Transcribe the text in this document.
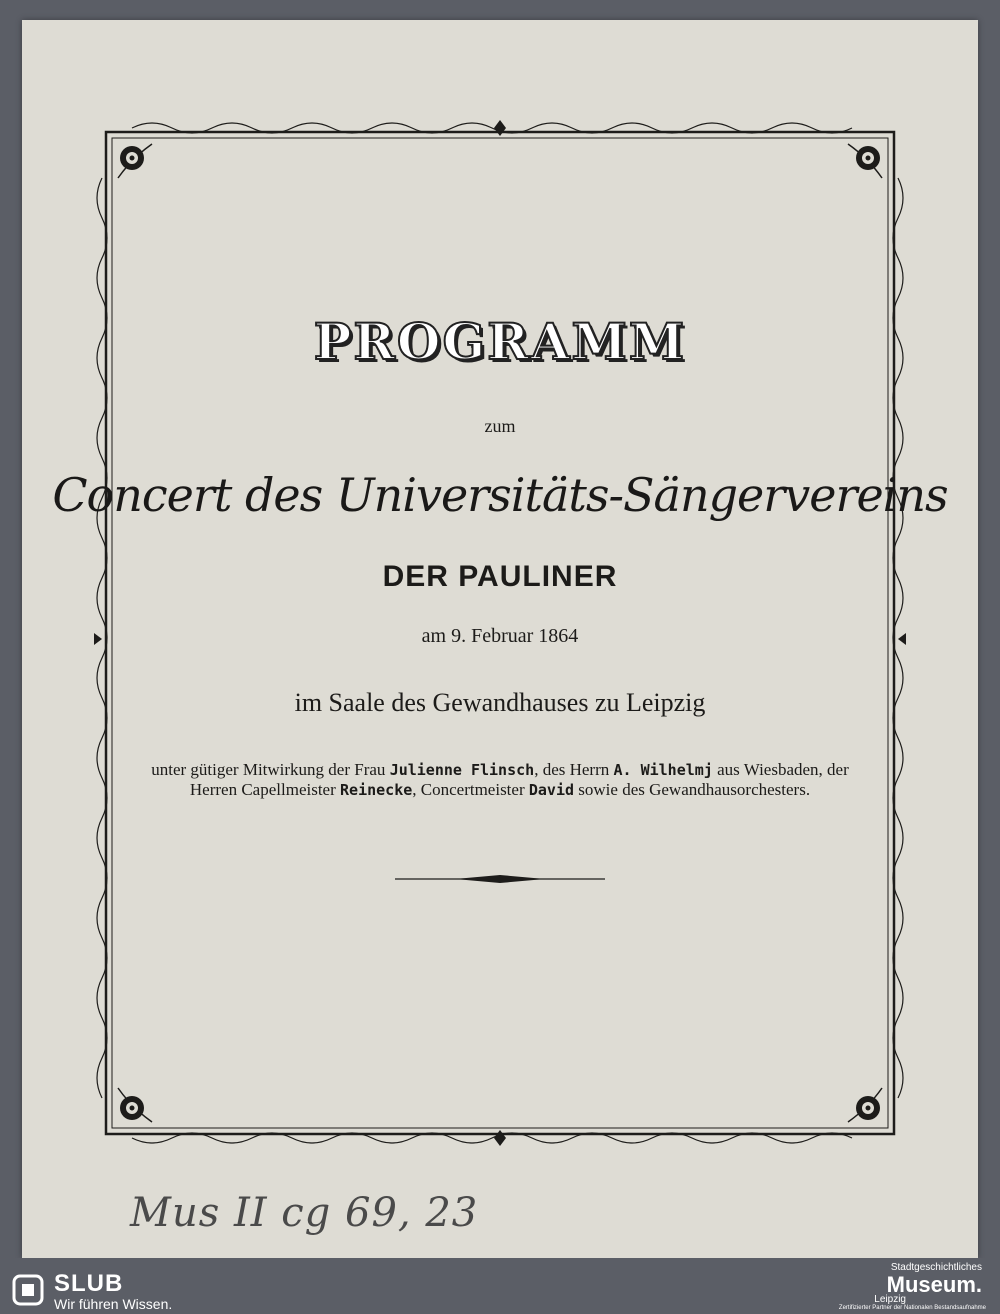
PROGRAMM
zum
Concert des Universitäts-Sängervereins
DER PAULINER
am 9. Februar 1864
im Saale des Gewandhauses zu Leipzig
unter gütiger Mitwirkung der Frau Julienne Flinsch, des Herrn A. Wilhelmj aus Wiesbaden, der Herren Capellmeister Reinecke, Concertmeister David sowie des Gewandhausorchesters.
Mus II cg 69, 23
SLUB
Wir führen Wissen.
Stadtgeschichtliches
Museum.
Leipzig
Zertifizierter Partner der Nationalen Bestandsaufnahme
